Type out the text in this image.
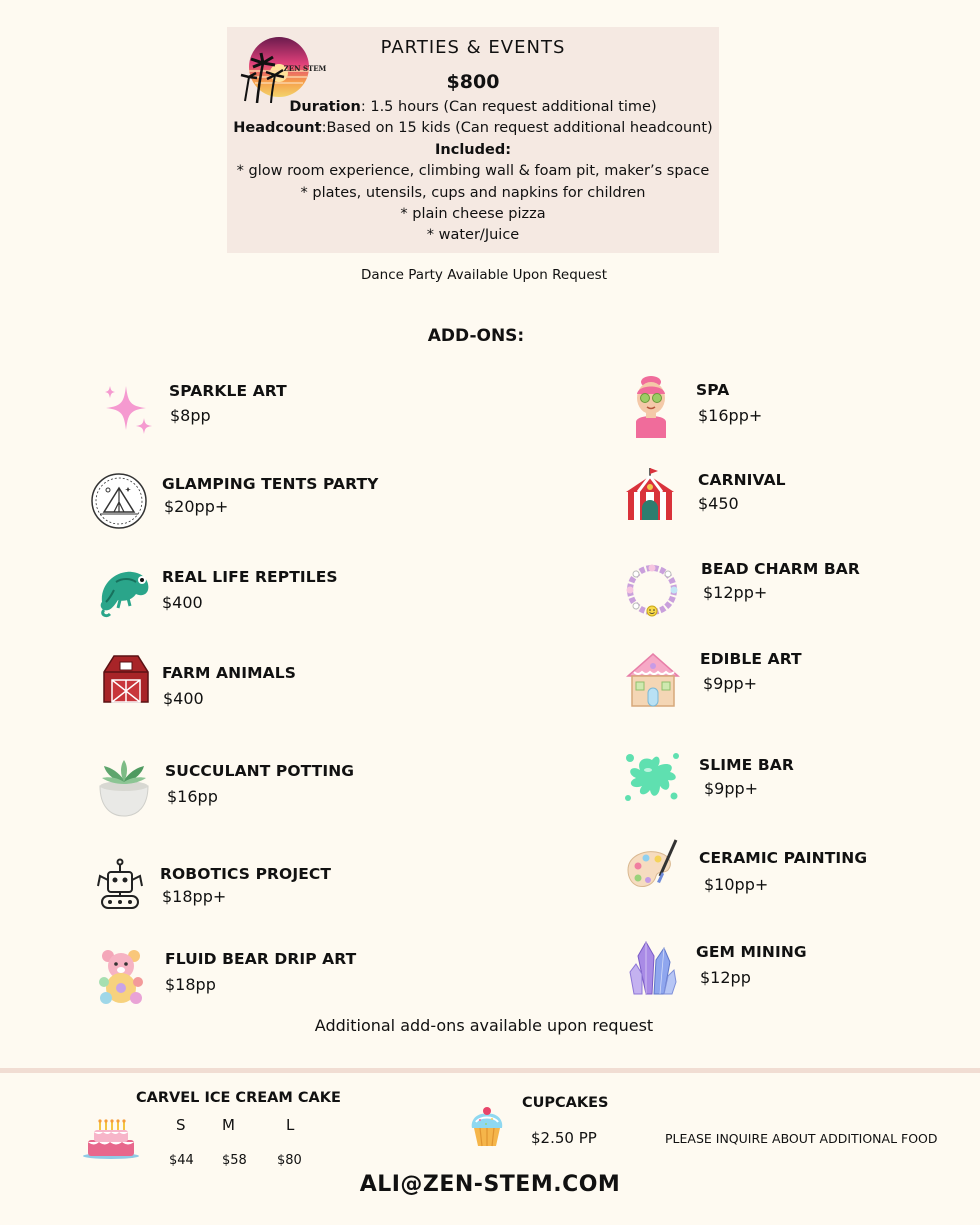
ZEN STEM
PARTIES & EVENTS
$800
Duration: 1.5 hours (Can request additional time)
Headcount:Based on 15 kids (Can request additional headcount)
Included:
* glow room experience, climbing wall & foam pit, maker’s space
* plates, utensils, cups and napkins for children
* plain cheese pizza
* water/Juice
Dance Party Available Upon Request
ADD-ONS:
SPARKLE ART
$8pp
GLAMPING TENTS PARTY
$20pp+
REAL LIFE REPTILES
$400
FARM ANIMALS
$400
SUCCULANT POTTING
$16pp
ROBOTICS PROJECT
$18pp+
FLUID BEAR DRIP ART
$18pp
SPA
$16pp+
CARNIVAL
$450
BEAD CHARM BAR
$12pp+
EDIBLE ART
$9pp+
SLIME BAR
$9pp+
CERAMIC PAINTING
$10pp+
GEM MINING
$12pp
Additional add-ons available upon request
CARVEL ICE CREAM CAKE
S M	L
$44 $58 $80
CUPCAKES
$2.50 PP	PLEASE INQUIRE ABOUT ADDITIONAL FOOD
ALI@ZEN-STEM.COM
